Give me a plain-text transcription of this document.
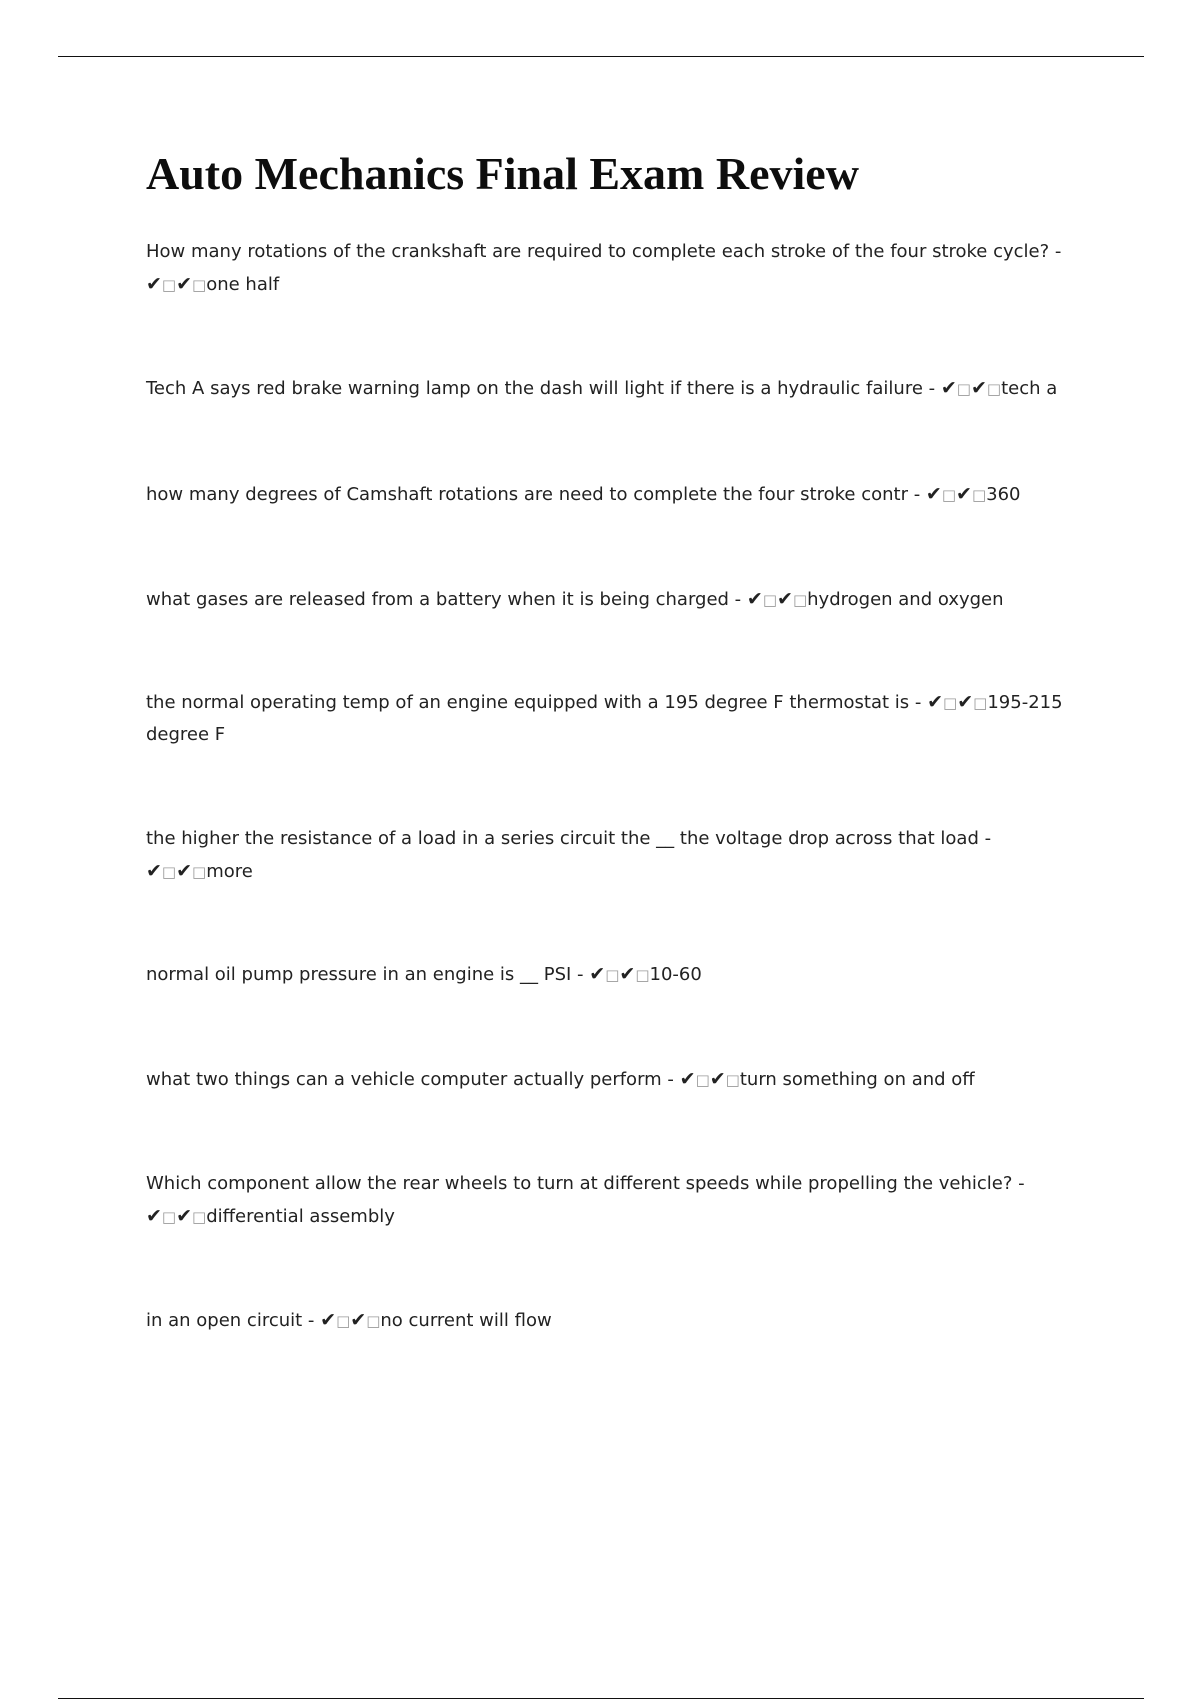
Auto Mechanics Final Exam Review

How many rotations of the crankshaft are required to complete each stroke of the four stroke cycle? - ✔□✔□one half

Tech A says red brake warning lamp on the dash will light if there is a hydraulic failure - ✔□✔□tech a

how many degrees of Camshaft rotations are need to complete the four stroke contr - ✔□✔□360

what gases are released from a battery when it is being charged - ✔□✔□hydrogen and oxygen

the normal operating temp of an engine equipped with a 195 degree F thermostat is - ✔□✔□195-215 degree F

the higher the resistance of a load in a series circuit the __ the voltage drop across that load - ✔□✔□more

normal oil pump pressure in an engine is __ PSI - ✔□✔□10-60

what two things can a vehicle computer actually perform - ✔□✔□turn something on and off

Which component allow the rear wheels to turn at different speeds while propelling the vehicle? - ✔□✔□differential assembly

in an open circuit - ✔□✔□no current will flow
